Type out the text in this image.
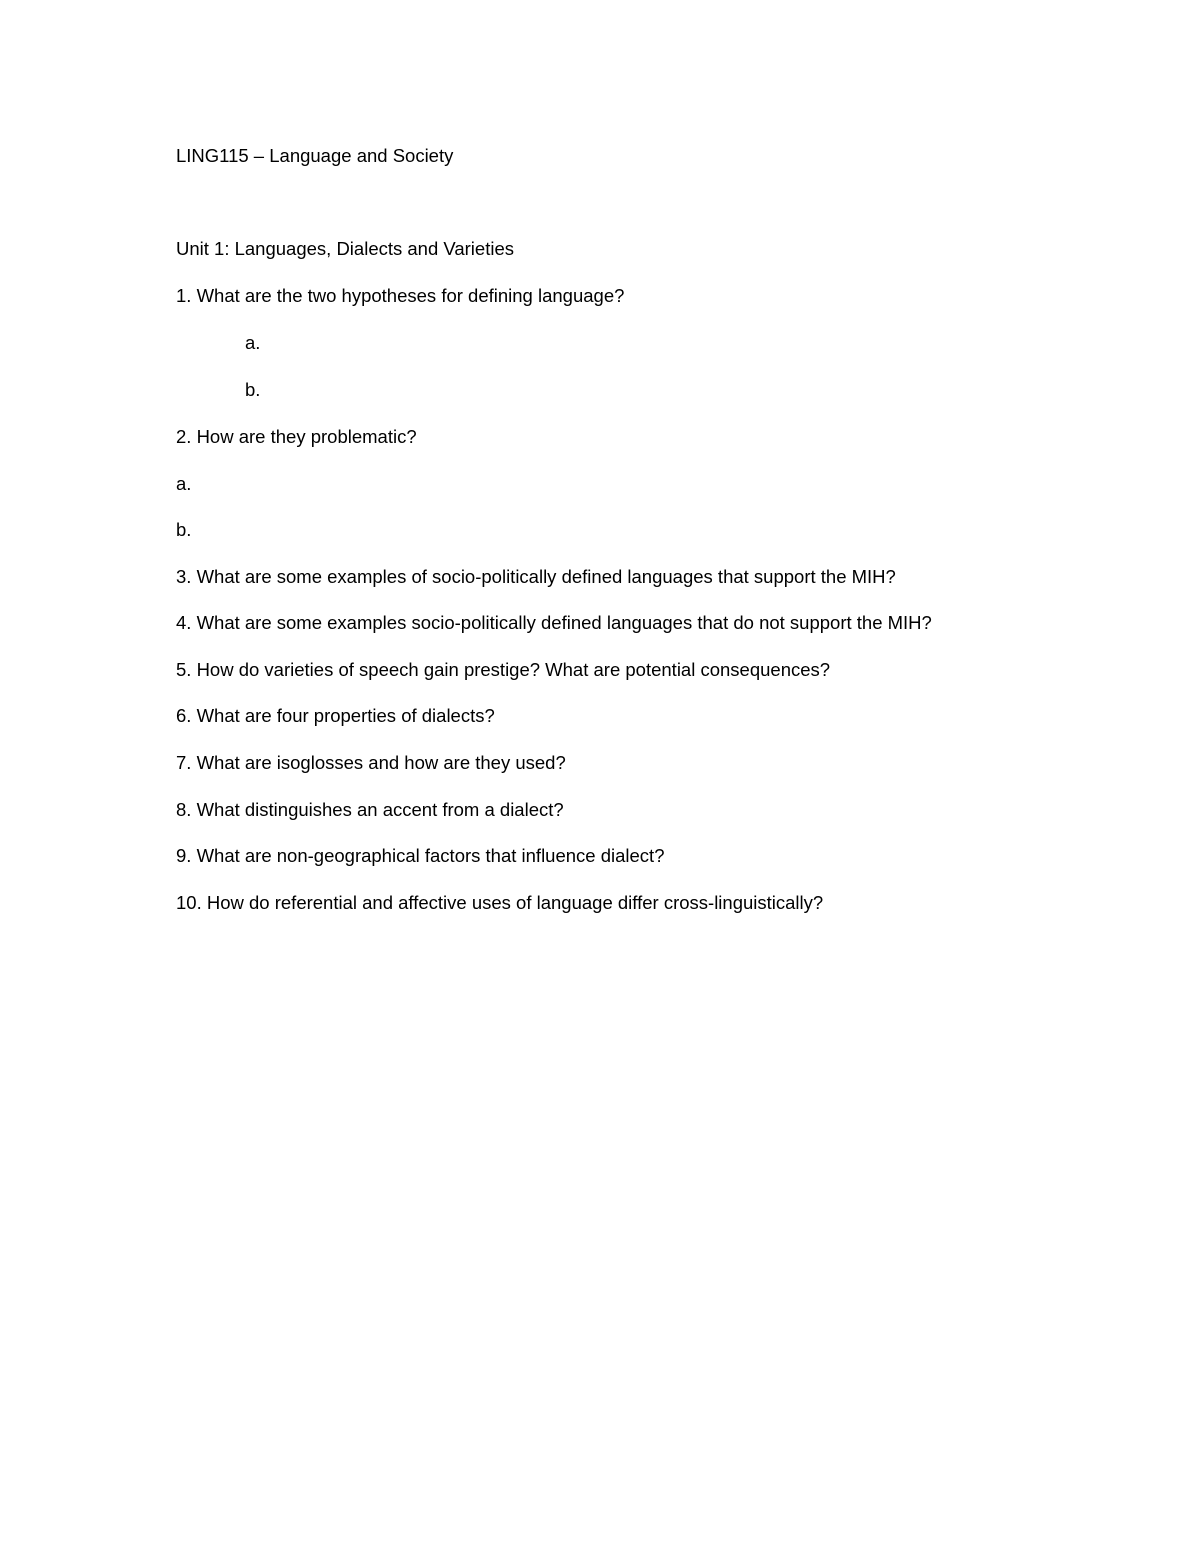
LING115 – Language and Society
Unit 1: Languages, Dialects and Varieties
1. What are the two hypotheses for defining language?
a.
b.
2. How are they problematic?
a.
b.
3. What are some examples of socio-politically defined languages that support the MIH?
4. What are some examples socio-politically defined languages that do not support the MIH?
5. How do varieties of speech gain prestige? What are potential consequences?
6. What are four properties of dialects?
7. What are isoglosses and how are they used?
8. What distinguishes an accent from a dialect?
9. What are non-geographical factors that influence dialect?
10. How do referential and affective uses of language differ cross-linguistically?
